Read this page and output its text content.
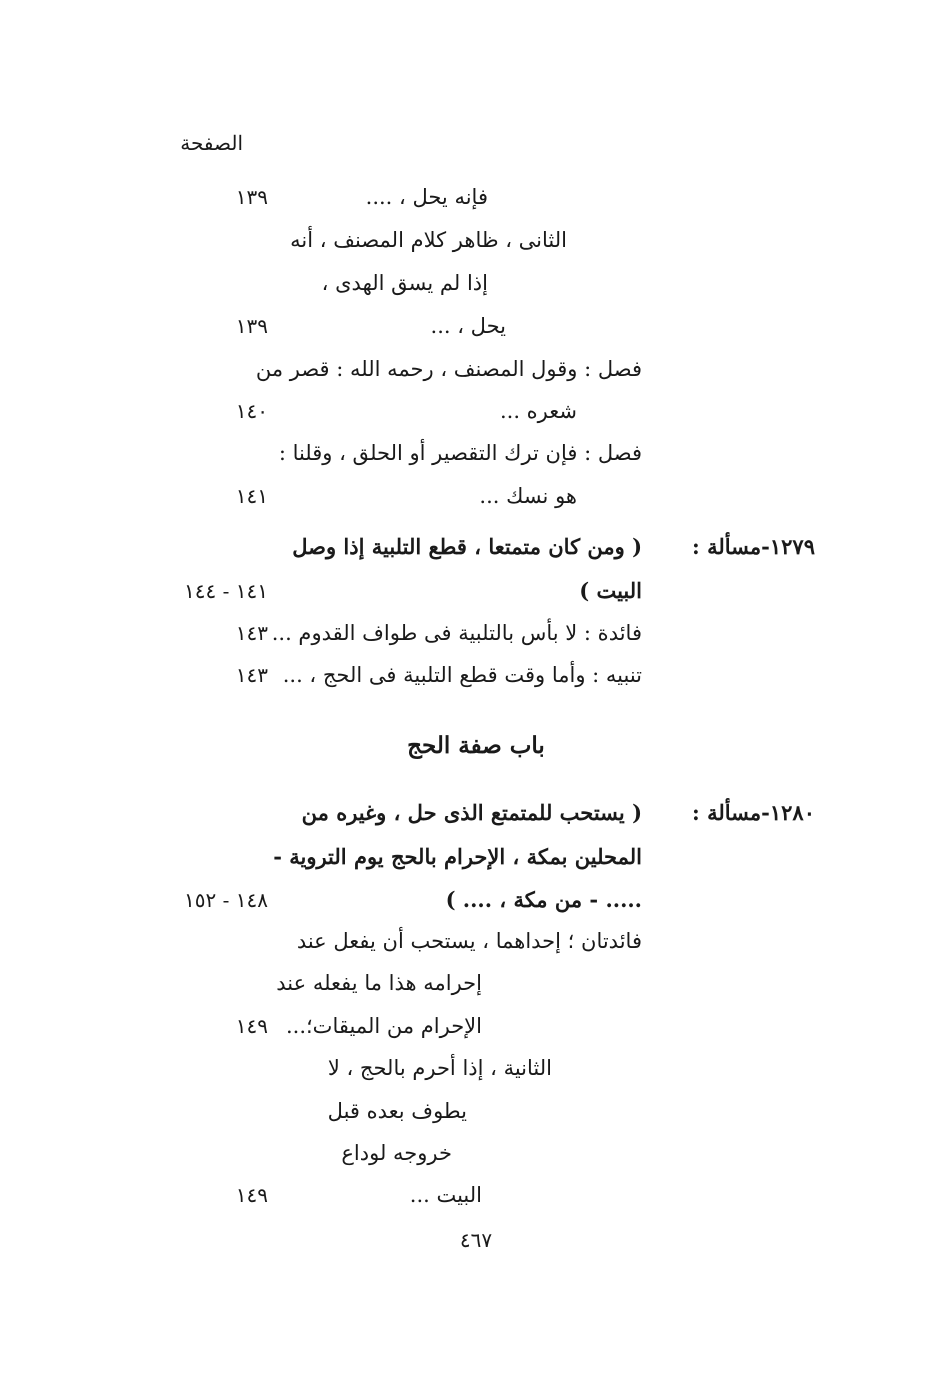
الصفحة
فإنه يحل ، ....
١٣٩
الثانى ، ظاهر كلام المصنف ، أنه
إذا لم يسق الهدى ،
يحل ، ...
١٣٩
فصل : وقول المصنف ، رحمه الله : قصر من
شعره ...
١٤٠
فصل : فإن ترك التقصير أو الحلق ، وقلنا :
هو نسك ...
١٤١
١٢٧٩-مسألة :
( ومن كان متمتعا ، قطع التلبية إذا وصل
البيت )
١٤١ - ١٤٤
فائدة : لا بأس بالتلبية فى طواف القدوم ...
١٤٣
تنبيه : وأما وقت قطع التلبية فى الحج ، ...
١٤٣
باب صفة الحج
١٢٨٠-مسألة :
( يستحب للمتمتع الذى حل ، وغيره من
المحلين بمكة ، الإحرام بالحج يوم التروية -
..... - من مكة ، .... )
١٤٨ - ١٥٢
فائدتان ؛ إحداهما ، يستحب أن يفعل عند
إحرامه هذا ما يفعله عند
الإحرام من الميقات؛...
١٤٩
الثانية ، إذا أحرم بالحج ، لا
يطوف بعده قبل
خروجه لوداع
البيت ...
١٤٩
٤٦٧
